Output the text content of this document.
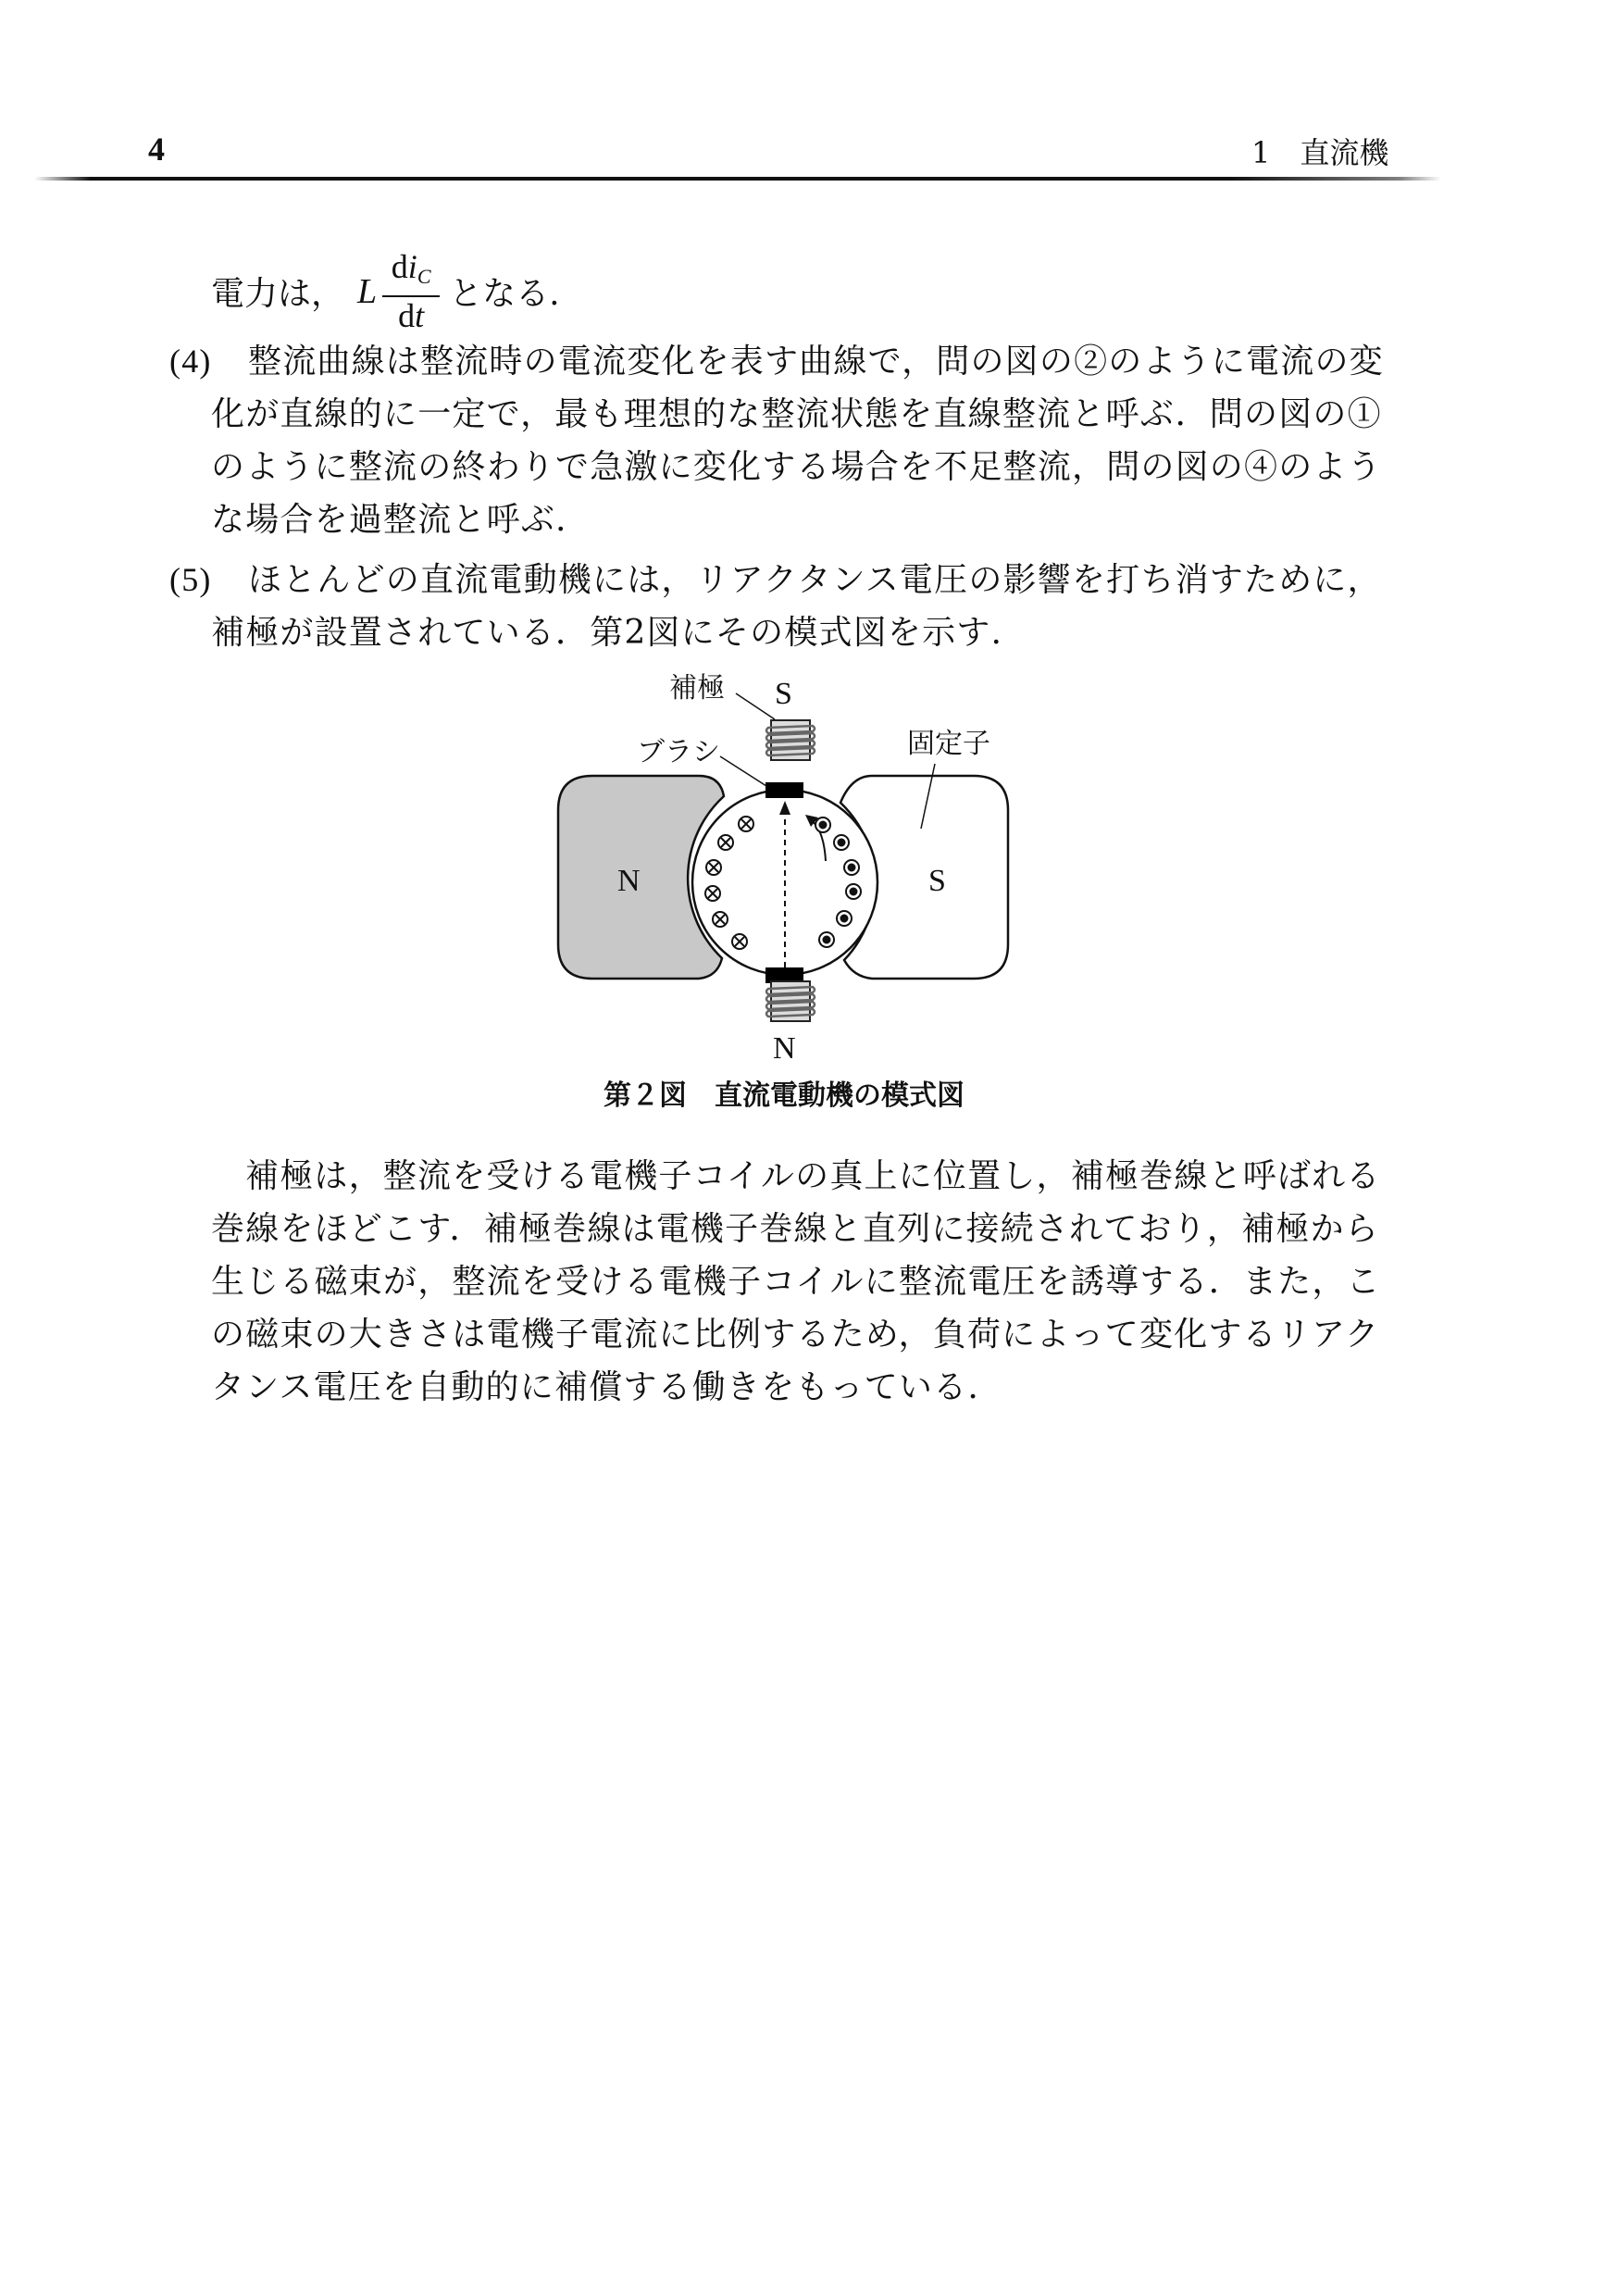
4	1　直流機
電力は， L $\frac{di_C}{dt}$ となる.
(4) 整流曲線は整流時の電流変化を表す曲線で，問の図の②のように電流の変
化が直線的に一定で，最も理想的な整流状態を直線整流と呼ぶ．問の図の①
のように整流の終わりで急激に変化する場合を不足整流，問の図の④のよう
な場合を過整流と呼ぶ.
(5) ほとんどの直流電動機には，リアクタンス電圧の影響を打ち消すために，
補極が設置されている．第2図にその模式図を示す.
補極 S
ブラシ	固定子
N	S
N
第２図　直流電動機の模式図
補極は，整流を受ける電機子コイルの真上に位置し，補極巻線と呼ばれる
巻線をほどこす．補極巻線は電機子巻線と直列に接続されており，補極から
生じる磁束が，整流を受ける電機子コイルに整流電圧を誘導する．また，こ
の磁束の大きさは電機子電流に比例するため，負荷によって変化するリアク
タンス電圧を自動的に補償する働きをもっている.
